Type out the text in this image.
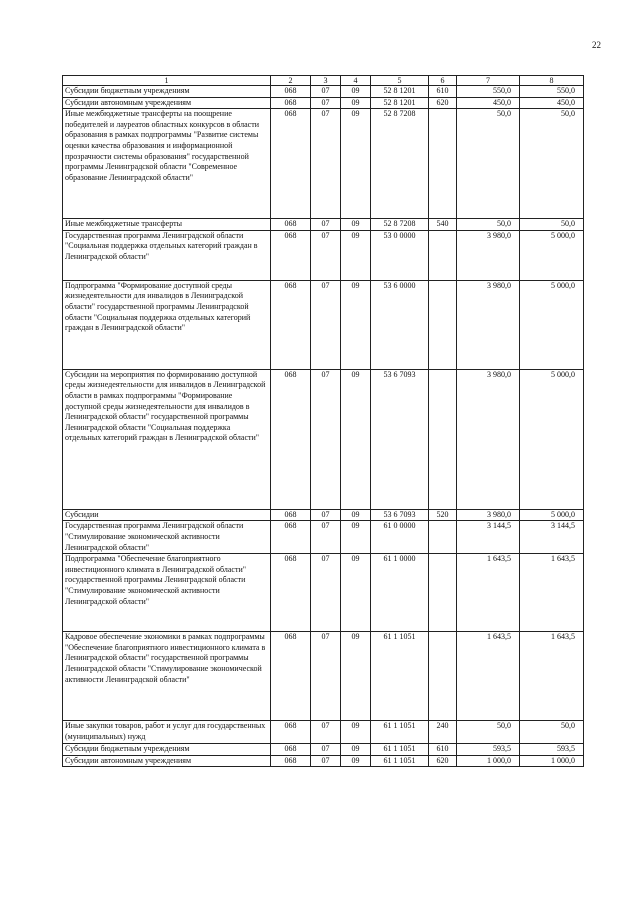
22
1	2	3	4	5	6	7	8
Субсидии бюджетным учреждениям	068	07	09	52 8 1201	610	550,0	550,0
Субсидии автономным учреждениям	068	07	09	52 8 1201	620	450,0	450,0
Иные межбюджетные трансферты на поощрение победителей и лауреатов областных конкурсов в области образования в рамках подпрограммы "Развитие системы оценки качества образования и информационной прозрачности системы образования" государственной программы Ленинградской области "Современное образование Ленинградской области"	068	07	09	52 8 7208		50,0	50,0
Иные межбюджетные трансферты	068	07	09	52 8 7208	540	50,0	50,0
Государственная программа Ленинградской области "Социальная поддержка отдельных категорий граждан в Ленинградской области"	068	07	09	53 0 0000		3 980,0	5 000,0
Подпрограмма "Формирование доступной среды жизнедеятельности для инвалидов в Ленинградской области" государственной программы Ленинградской области "Социальная поддержка отдельных категорий граждан в Ленинградской области"	068	07	09	53 6 0000		3 980,0	5 000,0
Субсидии на мероприятия по формированию доступной среды жизнедеятельности для инвалидов в Ленинградской области в рамках подпрограммы "Формирование доступной среды жизнедеятельности для инвалидов в Ленинградской области" государственной программы Ленинградской области "Социальная поддержка отдельных категорий граждан в Ленинградской области"	068	07	09	53 6 7093		3 980,0	5 000,0
Субсидии	068	07	09	53 6 7093	520	3 980,0	5 000,0
Государственная программа Ленинградской области "Стимулирование экономической активности Ленинградской области"	068	07	09	61 0 0000		3 144,5	3 144,5
Подпрограмма "Обеспечение благоприятного инвестиционного климата в Ленинградской области" государственной программы Ленинградской области "Стимулирование экономической активности Ленинградской области"	068	07	09	61 1 0000		1 643,5	1 643,5
Кадровое обеспечение экономики в рамках подпрограммы "Обеспечение благоприятного инвестиционного климата в Ленинградской области" государственной программы Ленинградской области "Стимулирование экономической активности Ленинградской области"	068	07	09	61 1 1051		1 643,5	1 643,5
Иные закупки товаров, работ и услуг для государственных (муниципальных) нужд	068	07	09	61 1 1051	240	50,0	50,0
Субсидии бюджетным учреждениям	068	07	09	61 1 1051	610	593,5	593,5
Субсидии автономным учреждениям	068	07	09	61 1 1051	620	1 000,0	1 000,0
